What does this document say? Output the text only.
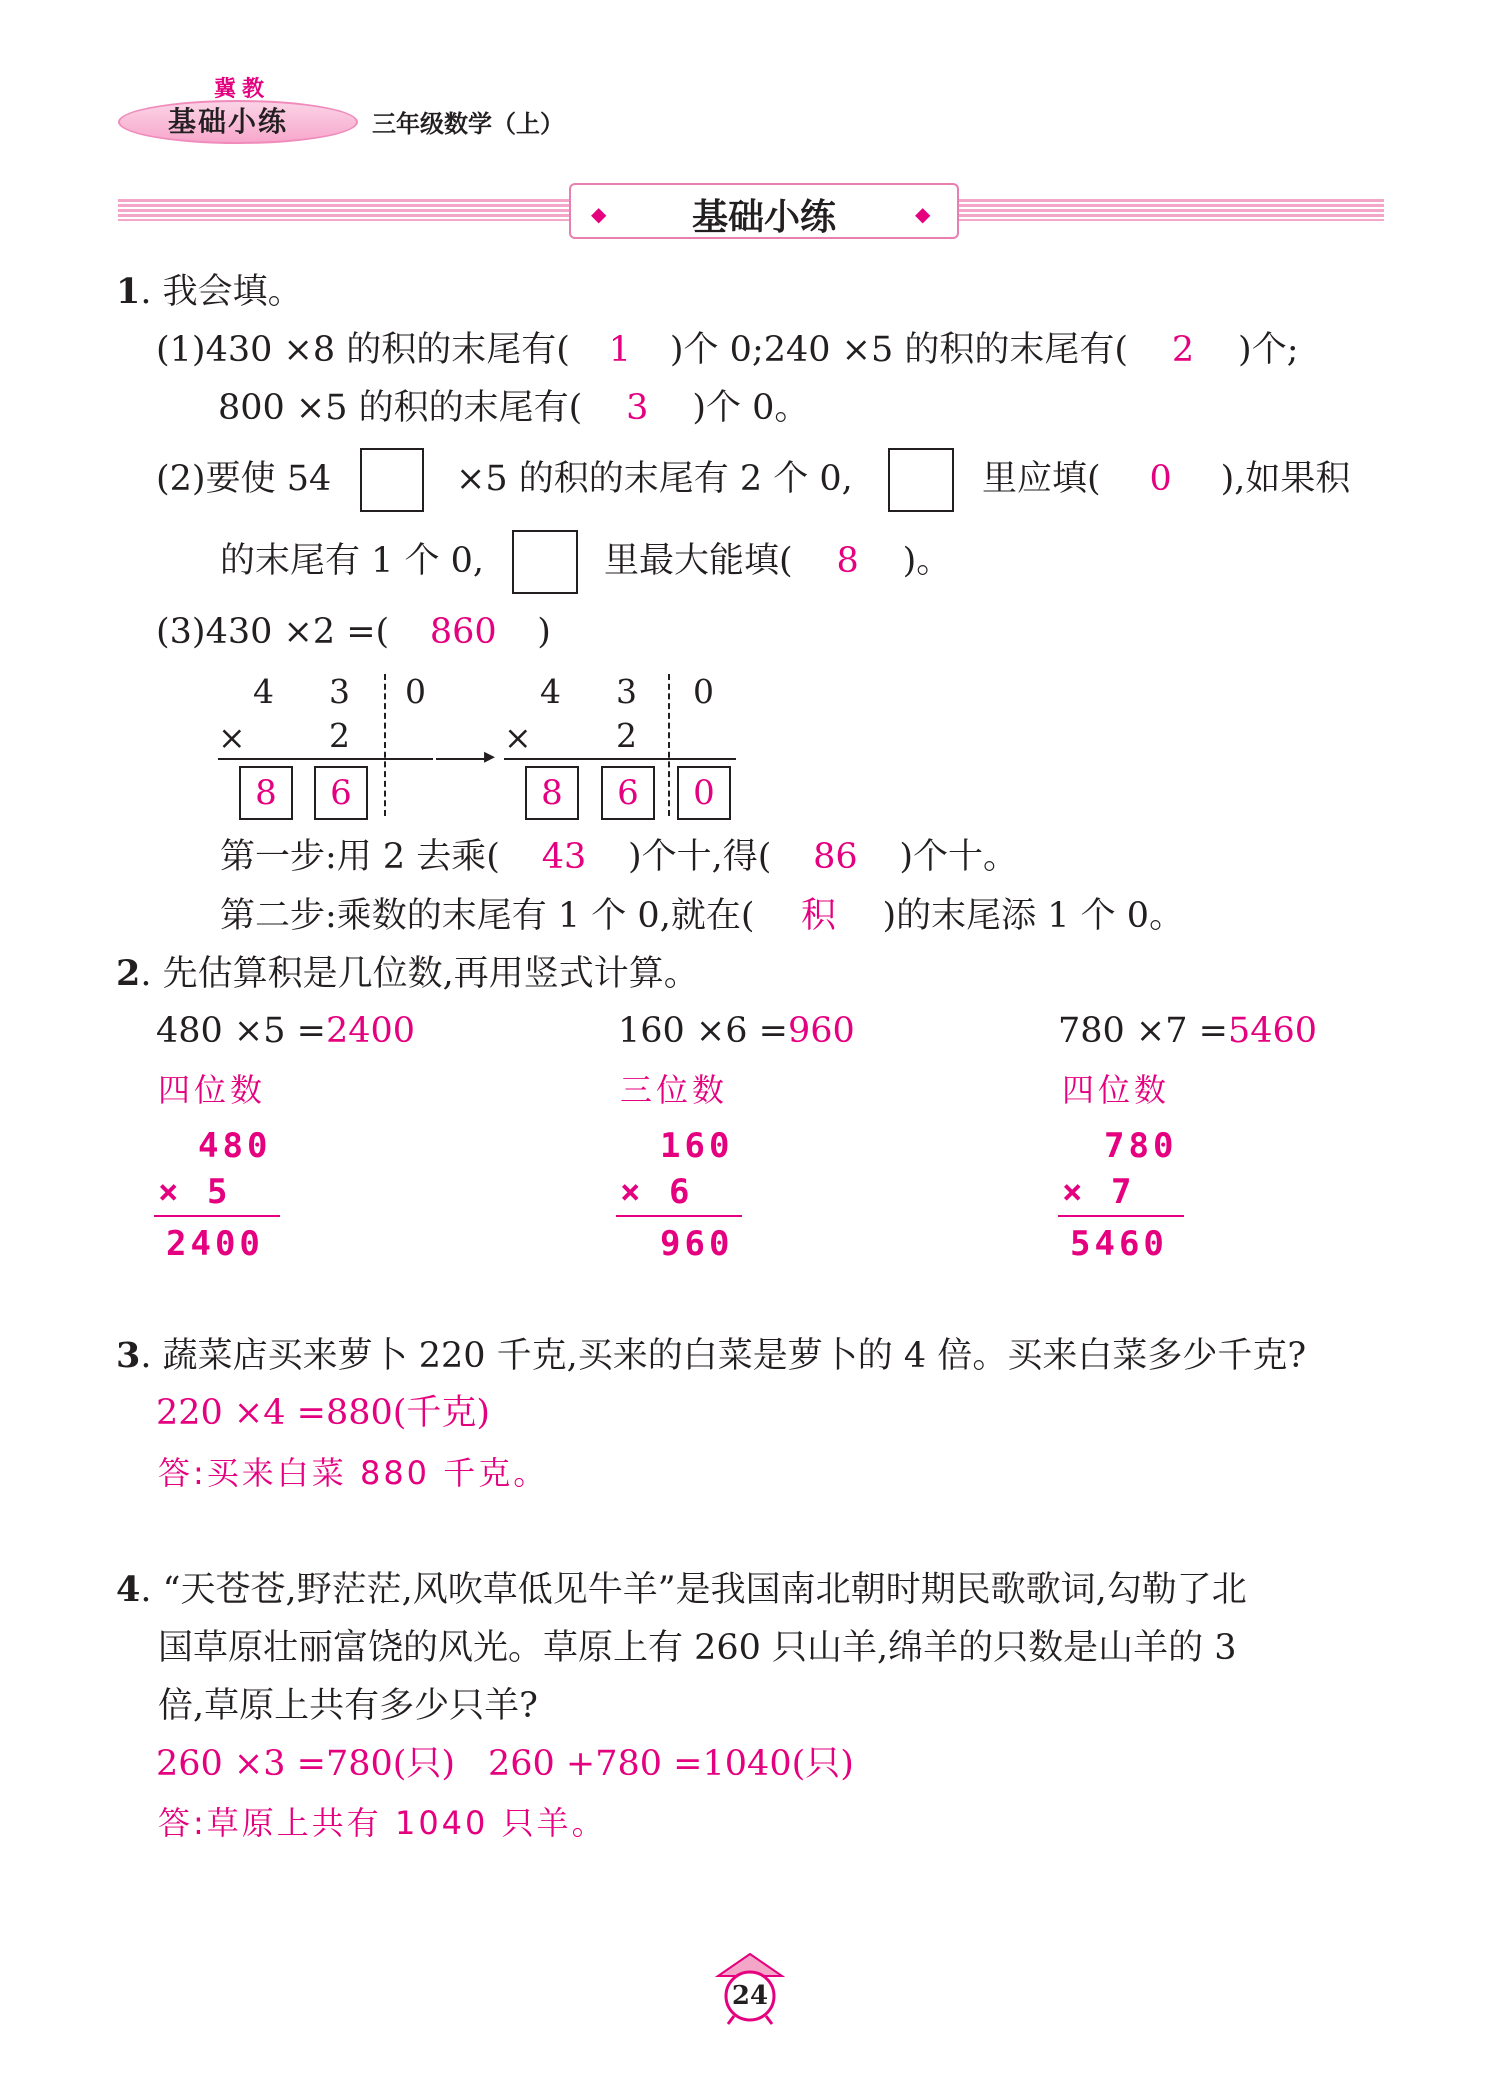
冀教
基础小练	三年级数学（上）
◆	基础小练	◆
1. 我会填。
(1)430 ×8 的积的末尾有( 1 )个 0;240 ×5 的积的末尾有( 2 )个;
800 ×5 的积的末尾有( 3 )个 0。
(2)要使 54	×5 的积的末尾有 2 个 0,	里应填( 0 ),如果积
的末尾有 1 个 0,	里最大能填( 8 )。
(3)430 ×2 =( 860 )
4 3 0
×	2
8	6
▸
4 3 0
×	2
8	6	0
第一步:用 2 去乘( 43 )个十,得( 86 )个十。
第二步:乘数的末尾有 1 个 0,就在( 积 )的末尾添 1 个 0。
2. 先估算积是几位数,再用竖式计算。
480 ×5 =2400	160 ×6 =960	780 ×7 =5460
四位数	三位数	四位数
480
× 5
2400
160
× 6
960
780
× 7
5460
3. 蔬菜店买来萝卜 220 千克,买来的白菜是萝卜的 4 倍。买来白菜多少千克?
220 ×4 =880(千克)
答:买来白菜 880 千克。
4. “天苍苍,野茫茫,风吹草低见牛羊”是我国南北朝时期民歌歌词,勾勒了北
国草原壮丽富饶的风光。草原上有 260 只山羊,绵羊的只数是山羊的 3
倍,草原上共有多少只羊?
260 ×3 =780(只) 260 +780 =1040(只)
答:草原上共有 1040 只羊。
24
